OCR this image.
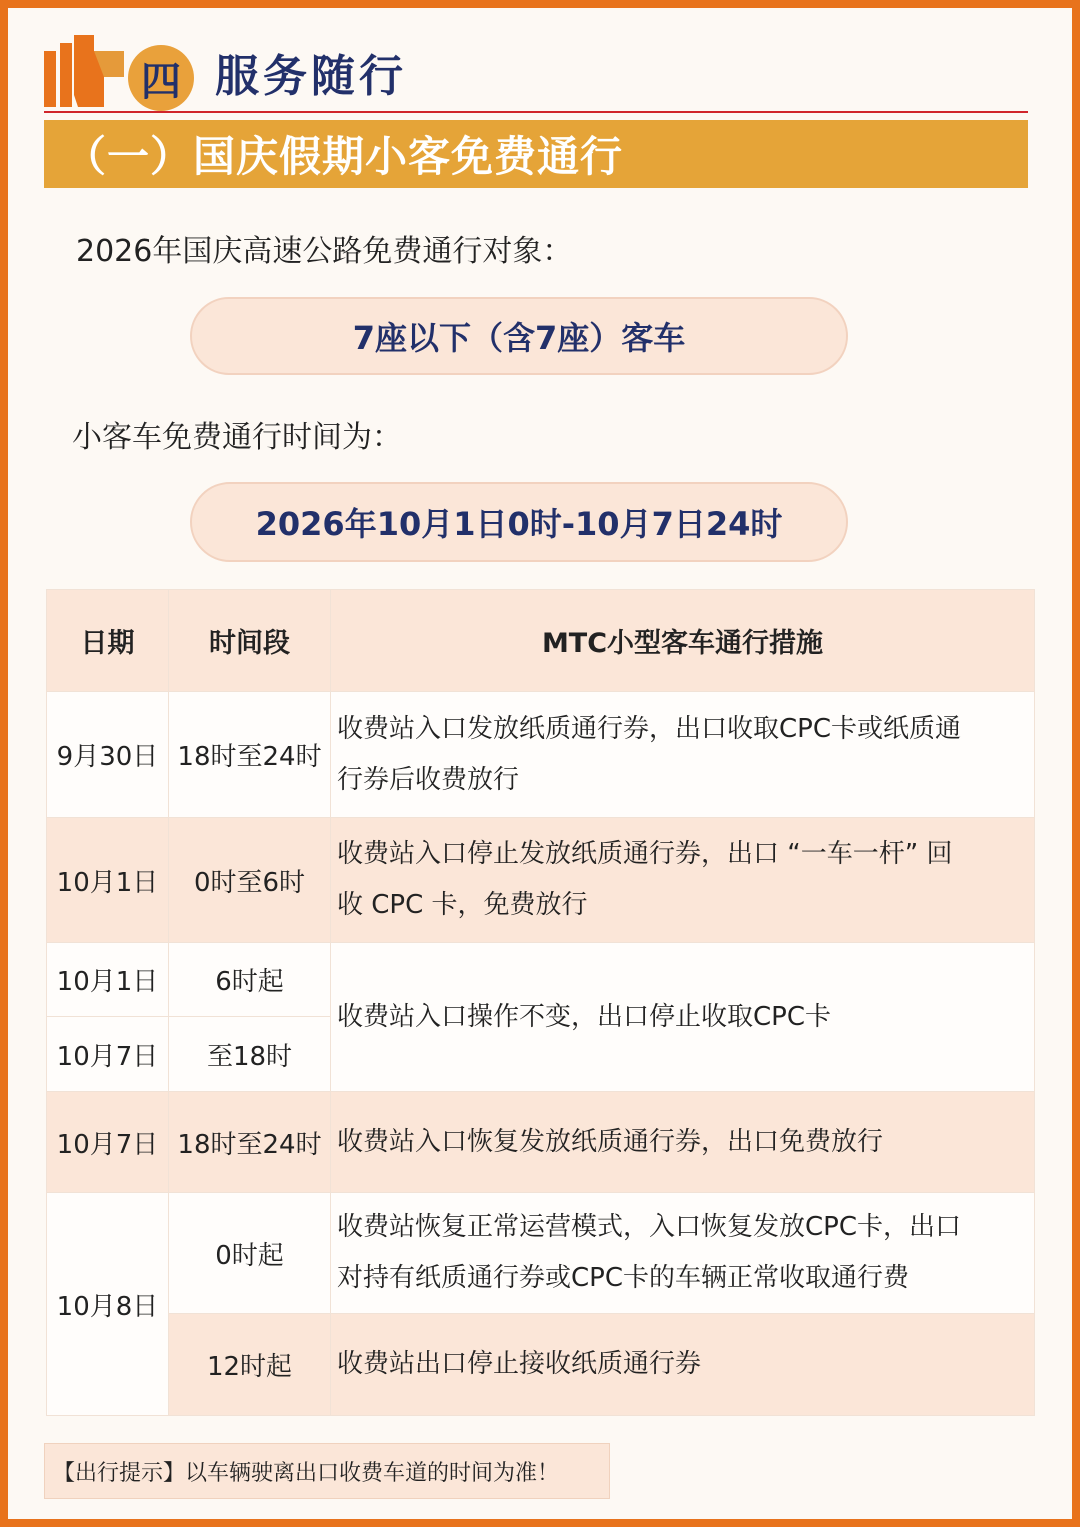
四 服务随行
（一）国庆假期小客免费通行
2026年国庆高速公路免费通行对象：
7座以下（含7座）客车
小客车免费通行时间为：
2026年10月1日0时-10月7日24时
日期	时间段	MTC小型客车通行措施
9月30日	18时至24时	收费站入口发放纸质通行券，出口收取CPC卡或纸质通
行券后收费放行

10月1日	0时至6时	收费站入口停止发放纸质通行券，出口 “一车一杆” 回
收 CPC 卡，免费放行

10月1日	6时起	收费站入口操作不变，出口停止收取CPC卡
10月7日	至18时	
10月7日	18时至24时	收费站入口恢复发放纸质通行券，出口免费放行
10月8日	0时起	收费站恢复正常运营模式，入口恢复发放CPC卡，出口
对持有纸质通行券或CPC卡的车辆正常收取通行费

	12时起	收费站出口停止接收纸质通行券
【出行提示】以车辆驶离出口收费车道的时间为准！
